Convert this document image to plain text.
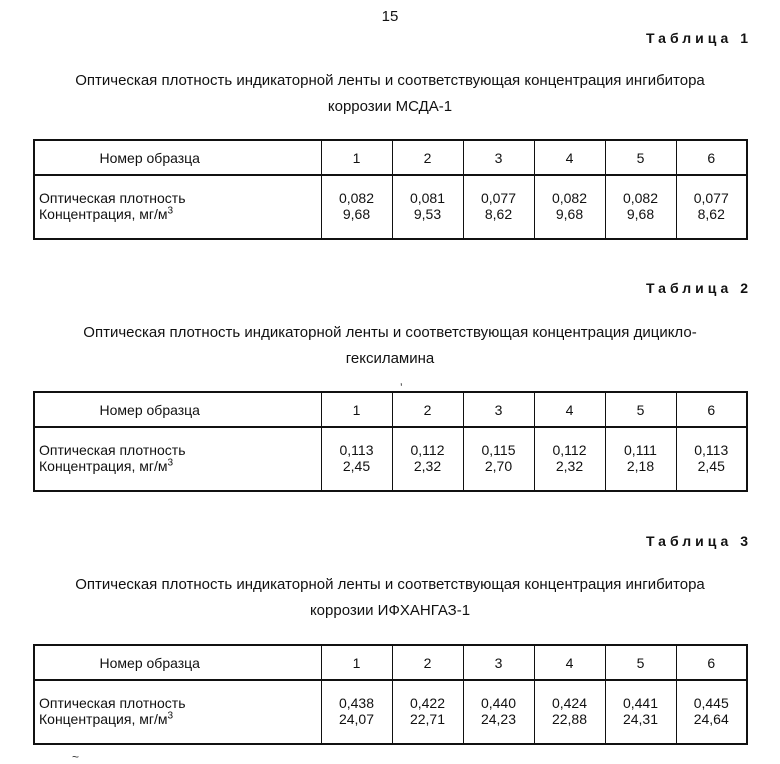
15
Таблица 1
Оптическая плотность индикаторной ленты и соответствующая концентрация ингибитора
коррозии МСДА-1
Номер образца	1	2	3	4	5	6
Оптическая плотность	0,082	0,081	0,077	0,082	0,082	0,077
Концентрация, $мг/м^3$	9,68	9,53	8,62	9,68	9,68	8,62
Таблица 2
Оптическая плотность индикаторной ленты и соответствующая концентрация дицикло-
гексиламина
ʼ
Номер образца	1	2	3	4	5	6
Оптическая плотность	0,113	0,112	0,115	0,112	0,111	0,113
Концентрация, $мг/м^3$	2,45	2,32	2,70	2,32	2,18	2,45
Таблица 3
Оптическая плотность индикаторной ленты и соответствующая концентрация ингибитора
коррозии ИФХАНГАЗ-1
Номер образца	1	2	3	4	5	6
Оптическая плотность	0,438	0,422	0,440	0,424	0,441	0,445
Концентрация, $мг/м^3$	24,07	22,71	24,23	22,88	24,31	24,64
~
